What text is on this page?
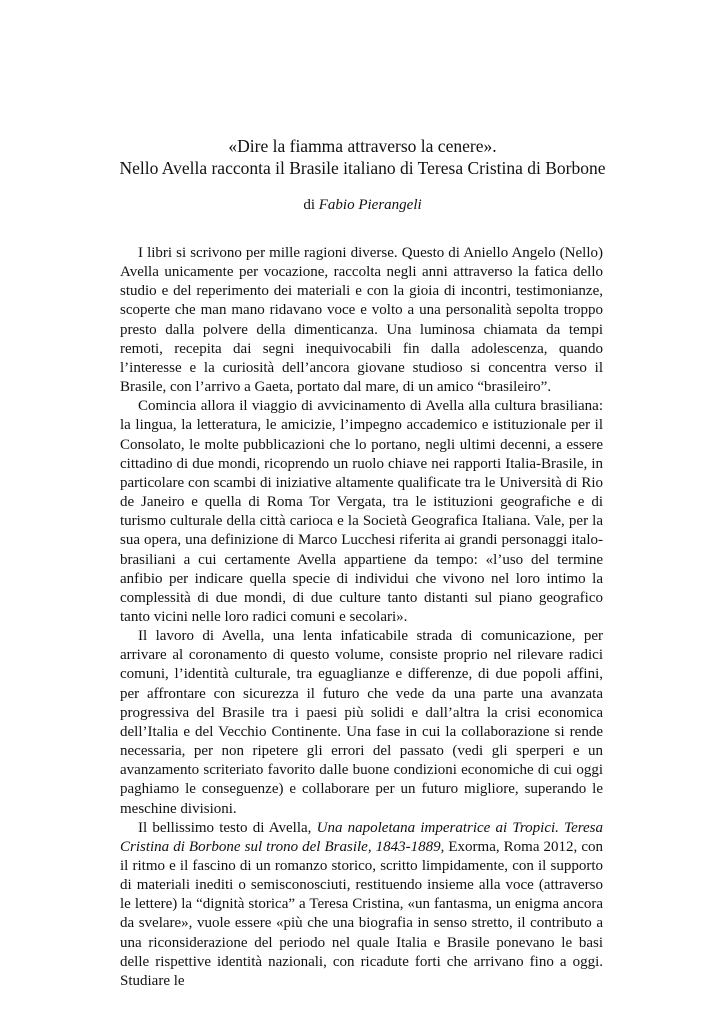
«Dire la fiamma attraverso la cenere».
Nello Avella racconta il Brasile italiano di Teresa Cristina di Borbone
di Fabio Pierangeli

I libri si scrivono per mille ragioni diverse. Questo di Aniello Angelo (Nello) Avella unicamente per vocazione, raccolta negli anni attraverso la fatica dello studio e del reperimento dei materiali e con la gioia di incontri, testimonianze, scoperte che man mano ridavano voce e volto a una personalità sepolta troppo presto dalla polvere della dimenticanza. Una luminosa chiamata da tempi remoti, recepita dai segni inequivocabili fin dalla adolescenza, quando l’interesse e la curiosità dell’ancora giovane studioso si concentra verso il Brasile, con l’arrivo a Gaeta, portato dal mare, di un amico “brasileiro”.

Comincia allora il viaggio di avvicinamento di Avella alla cultura brasiliana: la lingua, la letteratura, le amicizie, l’impegno accademico e istituzionale per il Consolato, le molte pubblicazioni che lo portano, negli ultimi decenni, a essere cittadino di due mondi, ricoprendo un ruolo chiave nei rapporti Italia-Brasile, in particolare con scambi di iniziative altamente qualificate tra le Università di Rio de Janeiro e quella di Roma Tor Vergata, tra le istituzioni geografiche e di turismo culturale della città carioca e la Società Geografica Italiana. Vale, per la sua opera, una definizione di Marco Lucchesi riferita ai grandi personaggi italo-brasiliani a cui certamente Avella appartiene da tempo: «l’uso del termine anfibio per indicare quella specie di individui che vivono nel loro intimo la complessità di due mondi, di due culture tanto distanti sul piano geografico tanto vicini nelle loro radici comuni e secolari».

Il lavoro di Avella, una lenta infaticabile strada di comunicazione, per arrivare al coronamento di questo volume, consiste proprio nel rilevare radici comuni, l’identità culturale, tra eguaglianze e differenze, di due popoli affini, per affrontare con sicurezza il futuro che vede da una parte una avanzata progressiva del Brasile tra i paesi più solidi e dall’altra la crisi economica dell’Italia e del Vecchio Continente. Una fase in cui la collaborazione si rende necessaria, per non ripetere gli errori del passato (vedi gli sperperi e un avanzamento scriteriato favorito dalle buone condizioni economiche di cui oggi paghiamo le conseguenze) e collaborare per un futuro migliore, superando le meschine divisioni.

Il bellissimo testo di Avella, Una napoletana imperatrice ai Tropici. Teresa Cristina di Borbone sul trono del Brasile, 1843-1889, Exorma, Roma 2012, con il ritmo e il fascino di un romanzo storico, scritto limpidamente, con il supporto di materiali inediti o semisconosciuti, restituendo insieme alla voce (attraverso le lettere) la “dignità storica” a Teresa Cristina, «un fantasma, un enigma ancora da svelare», vuole essere «più che una biografia in senso stretto, il contributo a una riconsiderazione del periodo nel quale Italia e Brasile ponevano le basi delle rispettive identità nazionali, con ricadute forti che arrivano fino a oggi. Studiare le
